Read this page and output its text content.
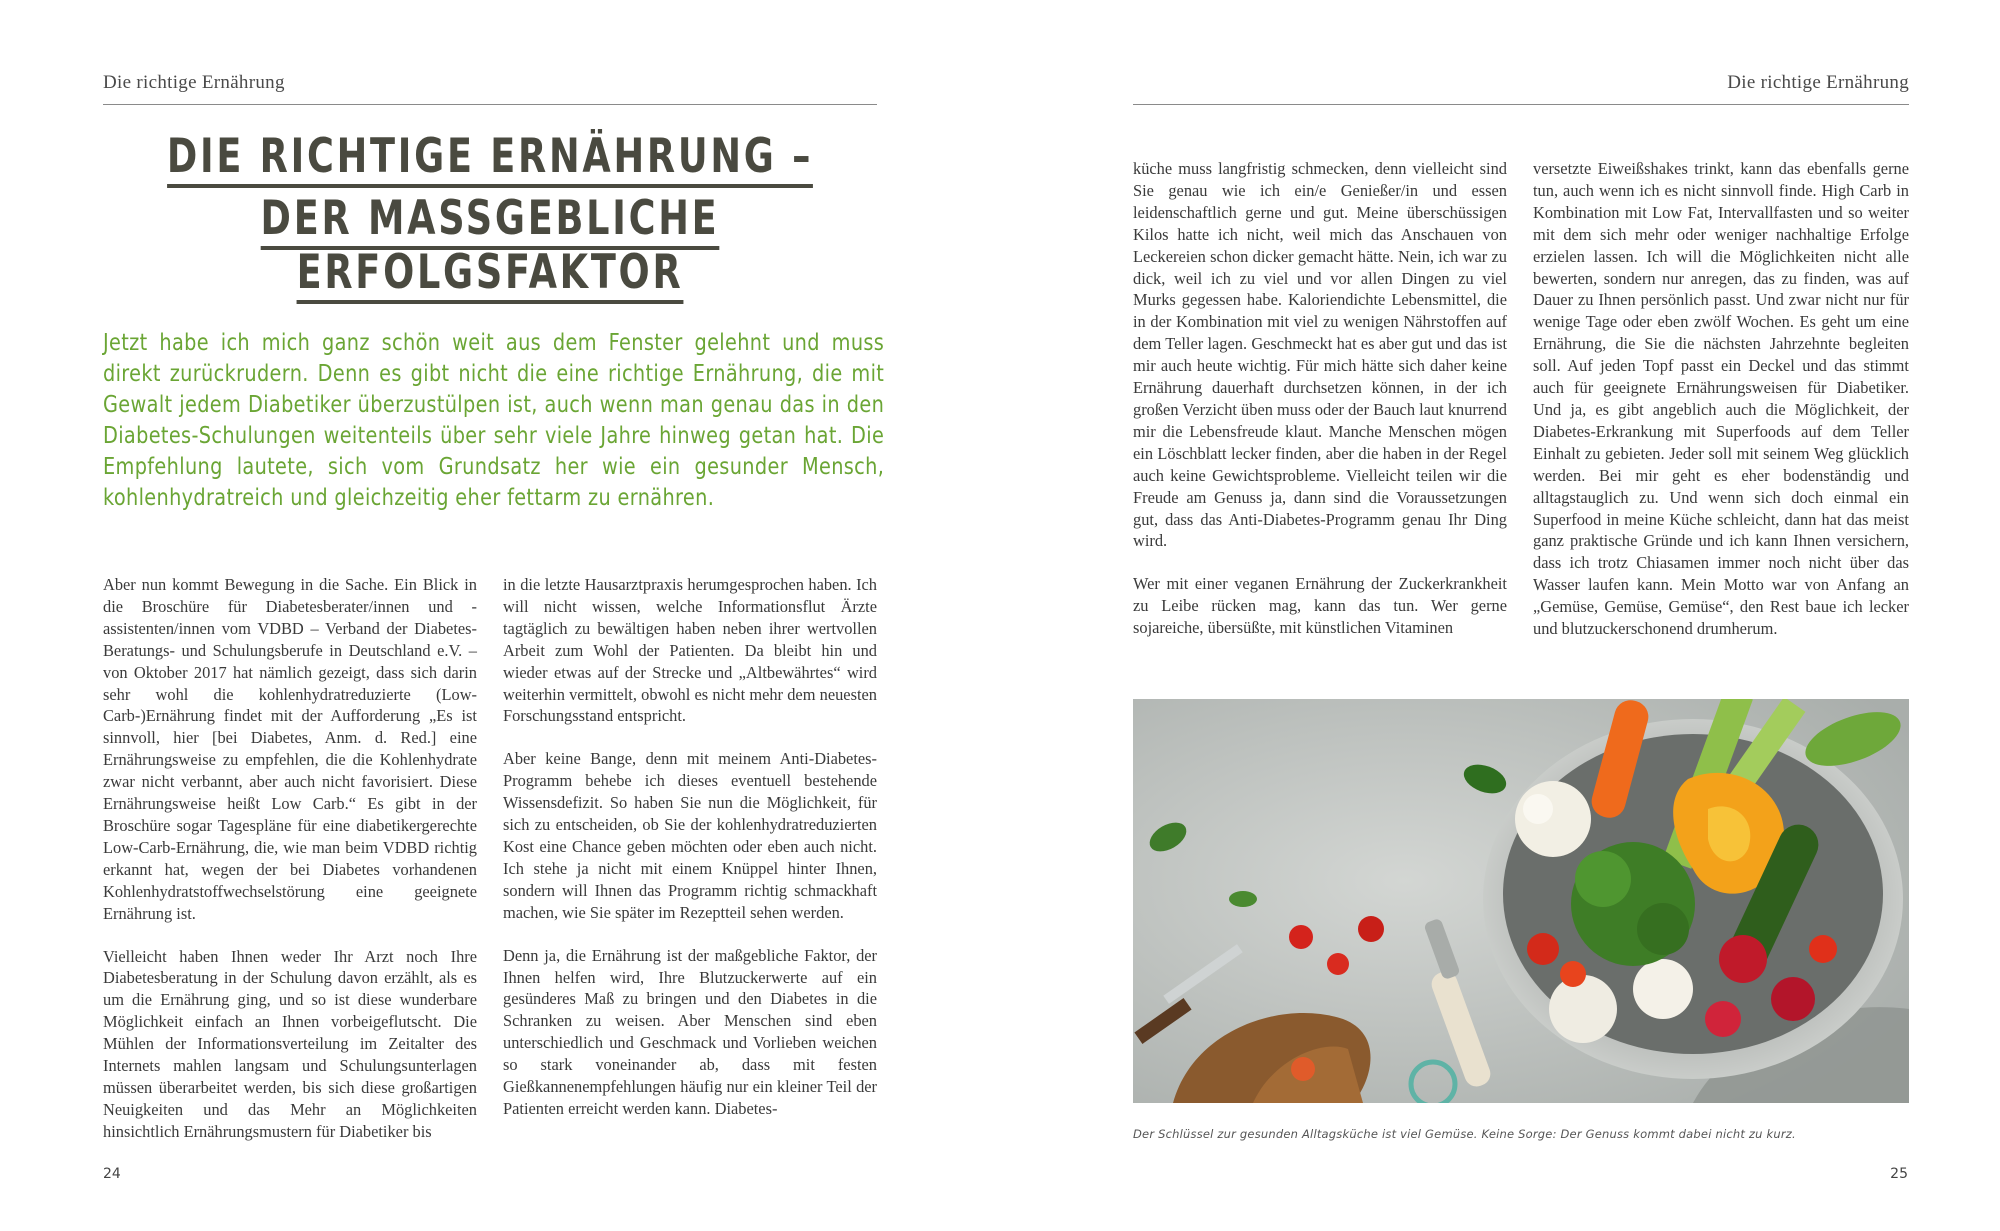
Die richtige Ernährung
DIE RICHTIGE ERNÄHRUNG –
DER MASSGEBLICHE ERFOLGSFAKTOR

Jetzt habe ich mich ganz schön weit aus dem Fenster gelehnt und muss direkt zurückrudern. Denn es gibt nicht die eine richtige Ernährung, die mit Gewalt jedem Diabetiker überzustülpen ist, auch wenn man genau das in den Diabetes-Schulungen weitenteils über sehr viele Jahre hinweg getan hat. Die Empfehlung lautete, sich vom Grundsatz her wie ein gesunder Mensch, kohlenhydratreich und gleichzeitig eher fettarm zu ernähren.

Aber nun kommt Bewegung in die Sache. Ein Blick in die Broschüre für Diabetesberater/innen und -assistenten/innen vom VDBD – Verband der Diabetes-Beratungs- und Schulungsberufe in Deutschland e.V. – von Oktober 2017 hat nämlich gezeigt, dass sich darin sehr wohl die kohlenhydratreduzierte (Low-Carb-)Ernährung findet mit der Aufforderung „Es ist sinnvoll, hier [bei Diabetes, Anm. d. Red.] eine Ernährungsweise zu empfehlen, die die Kohlenhydrate zwar nicht verbannt, aber auch nicht favorisiert. Diese Ernährungsweise heißt Low Carb.“ Es gibt in der Broschüre sogar Tagespläne für eine diabetikergerechte Low-Carb-Ernährung, die, wie man beim VDBD richtig erkannt hat, wegen der bei Diabetes vorhandenen Kohlenhydratstoffwechselstörung eine geeignete Ernährung ist.

Vielleicht haben Ihnen weder Ihr Arzt noch Ihre Diabetesberatung in der Schulung davon erzählt, als es um die Ernährung ging, und so ist diese wunderbare Möglichkeit einfach an Ihnen vorbeigeflutscht. Die Mühlen der Informationsverteilung im Zeitalter des Internets mahlen langsam und Schulungsunterlagen müssen überarbeitet werden, bis sich diese großartigen Neuigkeiten und das Mehr an Möglichkeiten hinsichtlich Ernährungsmustern für Diabetiker bis

in die letzte Hausarztpraxis herumgesprochen haben. Ich will nicht wissen, welche Informationsflut Ärzte tagtäglich zu bewältigen haben neben ihrer wertvollen Arbeit zum Wohl der Patienten. Da bleibt hin und wieder etwas auf der Strecke und „Altbewährtes“ wird weiterhin vermittelt, obwohl es nicht mehr dem neuesten Forschungsstand entspricht.

Aber keine Bange, denn mit meinem Anti-Diabetes-Programm behebe ich dieses eventuell bestehende Wissensdefizit. So haben Sie nun die Möglichkeit, für sich zu entscheiden, ob Sie der kohlenhydratreduzierten Kost eine Chance geben möchten oder eben auch nicht. Ich stehe ja nicht mit einem Knüppel hinter Ihnen, sondern will Ihnen das Programm richtig schmackhaft machen, wie Sie später im Rezeptteil sehen werden.

Denn ja, die Ernährung ist der maßgebliche Faktor, der Ihnen helfen wird, Ihre Blutzuckerwerte auf ein gesünderes Maß zu bringen und den Diabetes in die Schranken zu weisen. Aber Menschen sind eben unterschiedlich und Geschmack und Vorlieben weichen so stark voneinander ab, dass mit festen Gießkannenempfehlungen häufig nur ein kleiner Teil der Patienten erreicht werden kann. Diabetes-

24
Die richtige Ernährung

küche muss langfristig schmecken, denn vielleicht sind Sie genau wie ich ein/e Genießer/in und essen leidenschaftlich gerne und gut. Meine überschüssigen Kilos hatte ich nicht, weil mich das Anschauen von Leckereien schon dicker gemacht hätte. Nein, ich war zu dick, weil ich zu viel und vor allen Dingen zu viel Murks gegessen habe. Kaloriendichte Lebensmittel, die in der Kombination mit viel zu wenigen Nährstoffen auf dem Teller lagen. Geschmeckt hat es aber gut und das ist mir auch heute wichtig. Für mich hätte sich daher keine Ernährung dauerhaft durchsetzen können, in der ich großen Verzicht üben muss oder der Bauch laut knurrend mir die Lebensfreude klaut. Manche Menschen mögen ein Löschblatt lecker finden, aber die haben in der Regel auch keine Gewichtsprobleme. Vielleicht teilen wir die Freude am Genuss ja, dann sind die Voraussetzungen gut, dass das Anti-Diabetes-Programm genau Ihr Ding wird.

Wer mit einer veganen Ernährung der Zuckerkrankheit zu Leibe rücken mag, kann das tun. Wer gerne sojareiche, übersüßte, mit künstlichen Vitaminen

versetzte Eiweißshakes trinkt, kann das ebenfalls gerne tun, auch wenn ich es nicht sinnvoll finde. High Carb in Kombination mit Low Fat, Intervallfasten und so weiter mit dem sich mehr oder weniger nachhaltige Erfolge erzielen lassen. Ich will die Möglichkeiten nicht alle bewerten, sondern nur anregen, das zu finden, was auf Dauer zu Ihnen persönlich passt. Und zwar nicht nur für wenige Tage oder eben zwölf Wochen. Es geht um eine Ernährung, die Sie die nächsten Jahrzehnte begleiten soll. Auf jeden Topf passt ein Deckel und das stimmt auch für geeignete Ernährungsweisen für Diabetiker. Und ja, es gibt angeblich auch die Möglichkeit, der Diabetes-Erkrankung mit Superfoods auf dem Teller Einhalt zu gebieten. Jeder soll mit seinem Weg glücklich werden. Bei mir geht es eher bodenständig und alltagstauglich zu. Und wenn sich doch einmal ein Superfood in meine Küche schleicht, dann hat das meist ganz praktische Gründe und ich kann Ihnen versichern, dass ich trotz Chiasamen immer noch nicht über das Wasser laufen kann. Mein Motto war von Anfang an „Gemüse, Gemüse, Gemüse“, den Rest baue ich lecker und blutzuckerschonend drumherum.

Der Schlüssel zur gesunden Alltagsküche ist viel Gemüse. Keine Sorge: Der Genuss kommt dabei nicht zu kurz.
25
